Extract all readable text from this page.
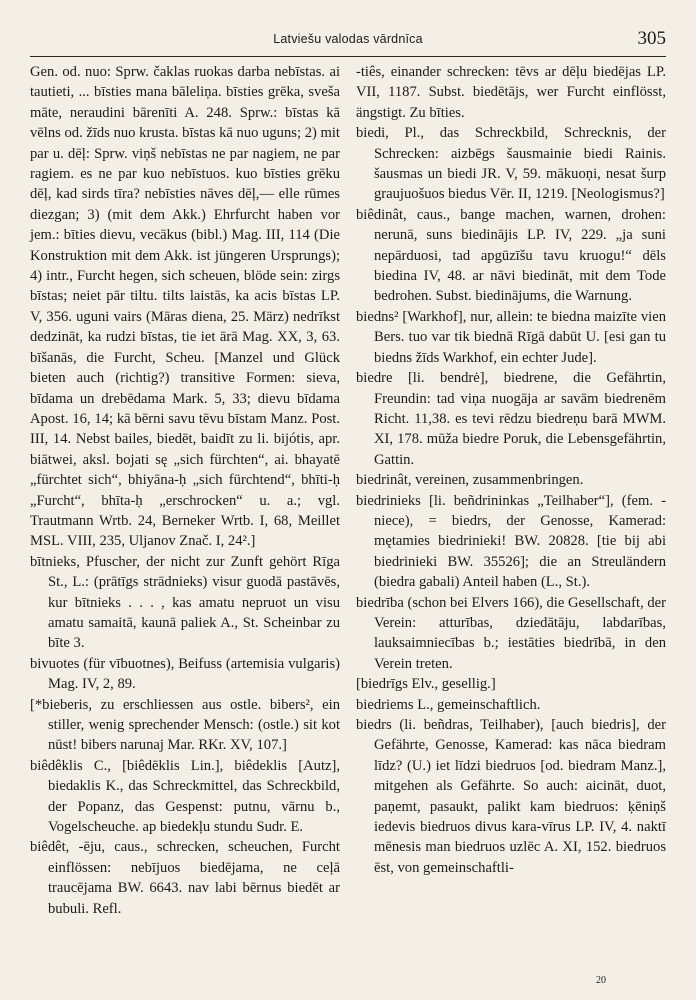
Latviešu valodas vārdnīca	305

Gen. od. nuo: Sprw. čaklas ruokas darba nebīstas. ai tautieti, ... bīsties mana bāleliņa. bīsties grēka, sveša māte, neraudini bārenīti A. 248. Sprw.: bīstas kā vēlns od. žīds nuo krusta. bīstas kā nuo uguns; 2) mit par u. dēļ: Sprw. viņš nebīstas ne par nagiem, ne par ragiem. es ne par kuo nebīstuos. kuo bīsties grēku dēļ, kad sirds tīra? nebīsties nāves dēļ,— elle rūmes diezgan; 3) (mit dem Akk.) Ehrfurcht haben vor jem.: bīties dievu, vecākus (bibl.) Mag. III, 114 (Die Konstruktion mit dem Akk. ist jüngeren Ursprungs); 4) intr., Furcht hegen, sich scheuen, blöde sein: zirgs bīstas; neiet pār tiltu. tilts laistās, ka acis bīstas LP. V, 356. uguni vairs (Māras diena, 25. März) nedrīkst dedzināt, ka rudzi bīstas, tie iet ārā Mag. XX, 3, 63. bīšanās, die Furcht, Scheu. [Manzel und Glück bieten auch (richtig?) transitive Formen: sieva, bīdama un drebēdama Mark. 5, 33; dievu bīdama Apost. 16, 14; kā bērni savu tēvu bīstam Manz. Post. III, 14. Nebst bailes, biedēt, baidīt zu li. bijótis, apr. biātwei, aksl. bojati sę „sich fürchten“, ai. bhayatē „fürchtet sich“, bhiyāna-ḥ „sich fürchtend“, bhīti-ḥ „Furcht“, bhīta-ḥ „erschrocken“ u. a.; vgl. Trautmann Wrtb. 24, Berneker Wrtb. I, 68, Meillet MSL. VIII, 235, Uljanov Znač. I, 24².]

bītnieks, Pfuscher, der nicht zur Zunft gehört Rīga St., L.: (prātīgs strādnieks) visur guodā pastāvēs, kur bītnieks . . . , kas amatu nepruot un visu amatu samaitā, kaunā paliek A., St. Scheinbar zu bīte 3.

bivuotes (für vībuotnes), Beifuss (artemisia vulgaris) Mag. IV, 2, 89.

[*bieberis, zu erschliessen aus ostle. bibers², ein stiller, wenig sprechender Mensch: (ostle.) sit kot nūst! bibers narunaj Mar. RKr. XV, 107.]

biêdêklis C., [biêdēklis Lin.], biêdeklis [Autz], biedaklis K., das Schreckmittel, das Schreckbild, der Popanz, das Gespenst: putnu, vārnu b., Vogelscheuche. ap biedekļu stundu Sudr. E.

biêdêt, -ēju, caus., schrecken, scheuchen, Furcht einflössen: nebījuos biedējama, ne ceļā traucējama BW. 6643. nav labi bērnus biedēt ar bubuli. Refl.

-tiês, einander schrecken: tēvs ar dēļu biedējas LP. VII, 1187. Subst. biedētājs, wer Furcht einflösst, ängstigt. Zu bīties.

biedi, Pl., das Schreckbild, Schrecknis, der Schrecken: aizbēgs šausmainie biedi Rainis. šausmas un biedi JR. V, 59. mākuoņi, nesat šurp graujuošuos biedus Vēr. II, 1219. [Neologismus?]

biêdinât, caus., bange machen, warnen, drohen: nerunā, suns biedinājis LP. IV, 229. „ja suni nepārduosi, tad apgūzīšu tavu kruogu!“ dēls biedina IV, 48. ar nāvi biedināt, mit dem Tode bedrohen. Subst. biedinājums, die Warnung.

biedns² [Warkhof], nur, allein: te biedna maizīte vien Bers. tuo var tik biednā Rīgā dabūt U. [esi gan tu biedns žīds Warkhof, ein echter Jude].

biedre [li. bendrė], biedrene, die Gefährtin, Freundin: tad viņa nuogāja ar savām biedrenēm Richt. 11,38. es tevi rēdzu biedreņu barā MWM. XI, 178. mūža biedre Poruk, die Lebensgefährtin, Gattin.

biedrinât, vereinen, zusammenbringen.

biedrinieks [li. beñdrininkas „Teilhaber“], (fem. -niece), = biedrs, der Genosse, Kamerad: mętamies biedrinieki! BW. 20828. [tie bij abi biedrinieki BW. 35526]; die an Streuländern (biedra gabali) Anteil haben (L., St.).

biedrība (schon bei Elvers 166), die Gesellschaft, der Verein: atturības, dziedātāju, labdarības, lauksaimniecības b.; iestāties biedrībā, in den Verein treten.

[biedrīgs Elv., gesellig.]

biedriems L., gemeinschaftlich.

biedrs (li. beñdras, Teilhaber), [auch biedris], der Gefährte, Genosse, Kamerad: kas nāca biedram līdz? (U.) iet līdzi biedruos [od. biedram Manz.], mitgehen als Gefährte. So auch: aicināt, duot, paņemt, pasaukt, palikt kam biedruos: ķēniņš iedevis biedruos divus kara-vīrus LP. IV, 4. naktī mēnesis man biedruos uzlēc A. XI, 152. biedruos ēst, von gemeinschaftli-

20
